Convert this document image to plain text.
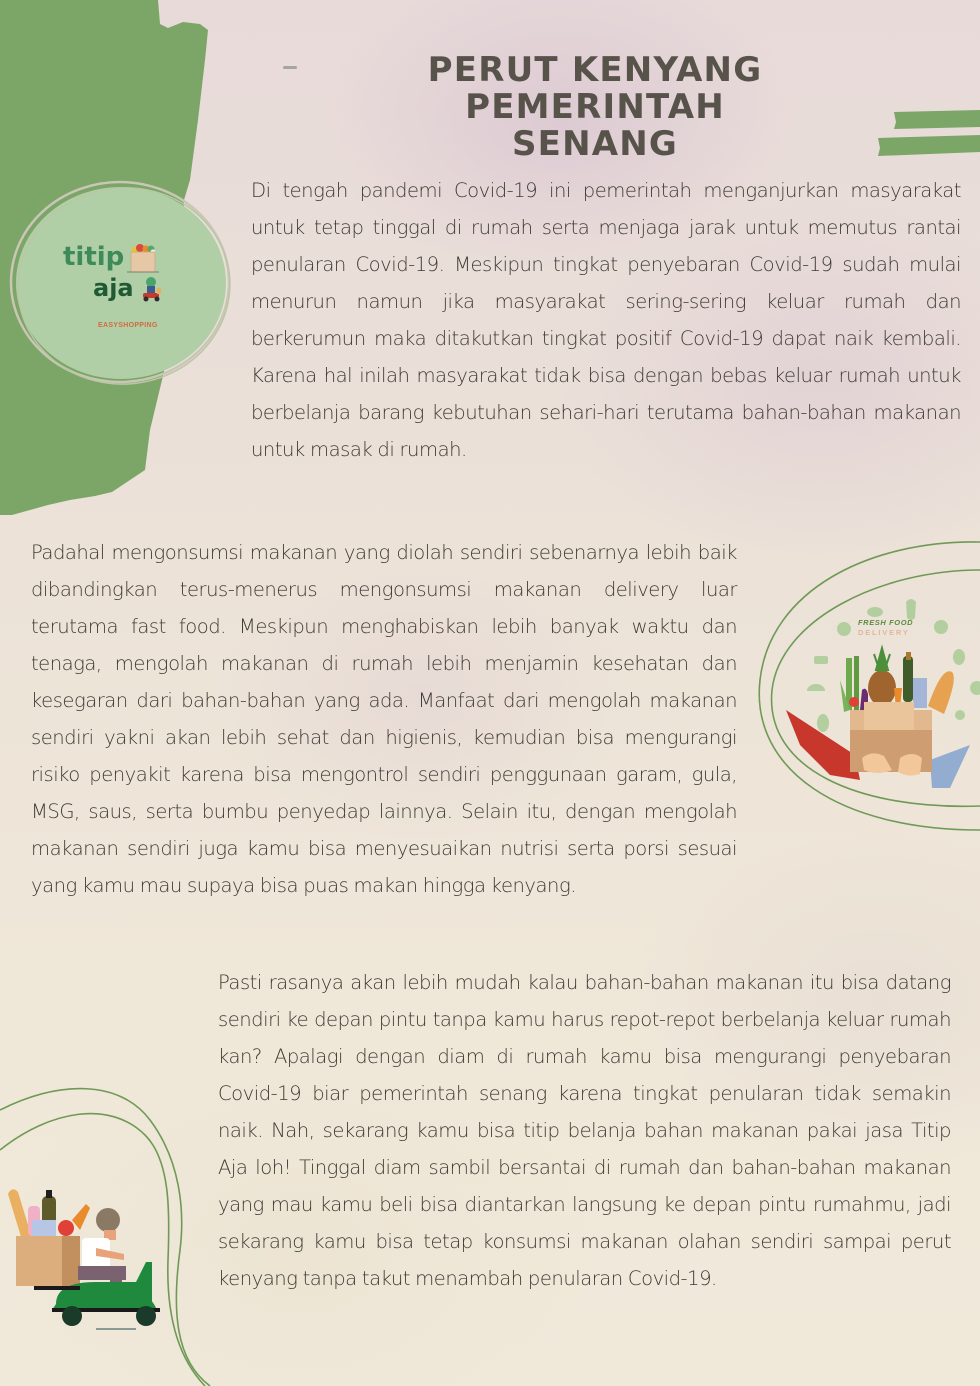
titip
aja
EASYSHOPPING
PERUT KENYANG
PEMERINTAH SENANG

Di tengah pandemi Covid-19 ini pemerintah menganjurkan masyarakat untuk tetap tinggal di rumah serta menjaga jarak untuk memutus rantai penularan Covid-19. Meskipun tingkat penyebaran Covid-19 sudah mulai menurun namun jika masyarakat sering-sering keluar rumah dan berkerumun maka ditakutkan tingkat positif Covid-19 dapat naik kembali. Karena hal inilah masyarakat tidak bisa dengan bebas keluar rumah untuk berbelanja barang kebutuhan sehari-hari terutama bahan-bahan makanan untuk masak di rumah.

Padahal mengonsumsi makanan yang diolah sendiri sebenarnya lebih baik dibandingkan terus-menerus mengonsumsi makanan delivery luar terutama fast food. Meskipun menghabiskan lebih banyak waktu dan tenaga, mengolah makanan di rumah lebih menjamin kesehatan dan kesegaran dari bahan-bahan yang ada. Manfaat dari mengolah makanan sendiri yakni akan lebih sehat dan higienis, kemudian bisa mengurangi risiko penyakit karena bisa mengontrol sendiri penggunaan garam, gula, MSG, saus, serta bumbu penyedap lainnya. Selain itu, dengan mengolah makanan sendiri juga kamu bisa menyesuaikan nutrisi serta porsi sesuai yang kamu mau supaya bisa puas makan hingga kenyang.

FRESH FOOD
DELIVERY

Pasti rasanya akan lebih mudah kalau bahan-bahan makanan itu bisa datang sendiri ke depan pintu tanpa kamu harus repot-repot berbelanja keluar rumah kan? Apalagi dengan diam di rumah kamu bisa mengurangi penyebaran Covid-19 biar pemerintah senang karena tingkat penularan tidak semakin naik. Nah, sekarang kamu bisa titip belanja bahan makanan pakai jasa Titip Aja loh! Tinggal diam sambil bersantai di rumah dan bahan-bahan makanan yang mau kamu beli bisa diantarkan langsung ke depan pintu rumahmu, jadi sekarang kamu bisa tetap konsumsi makanan olahan sendiri sampai perut kenyang tanpa takut menambah penularan Covid-19.
